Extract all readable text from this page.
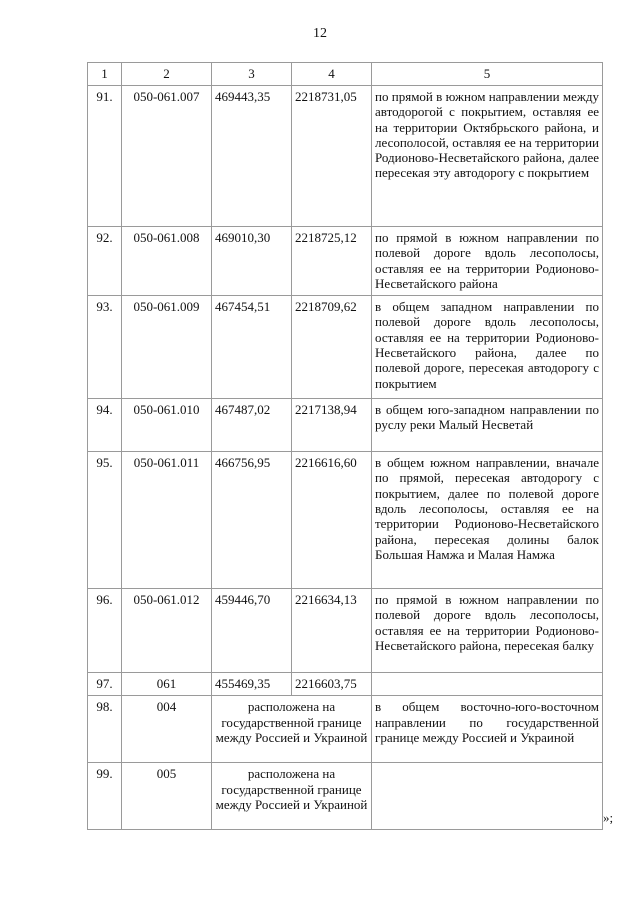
12
1	2	3	4	5
91.	050-061.007	469443,35	2218731,05	по прямой в южном направлении между автодорогой с покрытием, оставляя ее на территории Октябрьского района, и лесополосой, оставляя ее на территории Родионово-Несветайского района, далее пересекая эту автодорогу с покрытием
92.	050-061.008	469010,30	2218725,12	по прямой в южном направлении по полевой дороге вдоль лесополосы, оставляя ее на территории Родионово-Несветайского района
93.	050-061.009	467454,51	2218709,62	в общем западном направлении по полевой дороге вдоль лесополосы, оставляя ее на территории Родионово-Несветайского района, далее по полевой дороге, пересекая автодорогу с покрытием
94.	050-061.010	467487,02	2217138,94	в общем юго-западном направлении по руслу реки Малый Несветай
95.	050-061.011	466756,95	2216616,60	в общем южном направлении, вначале по прямой, пересекая автодорогу с покрытием, далее по полевой дороге вдоль лесополосы, оставляя ее на территории Родионово-Несветайского района, пересекая долины балок Большая Намжа и Малая Намжа
96.	050-061.012	459446,70	2216634,13	по прямой в южном направлении по полевой дороге вдоль лесополосы, оставляя ее на территории Родионово-Несветайского района, пересекая балку
97.	061	455469,35	2216603,75	
98.	004	расположена на государственной границе между Россией и Украиной		в общем восточно-юго-восточном направлении по государственной границе между Россией и Украиной
99.	005	расположена на государственной границе между Россией и Украиной		
»;
